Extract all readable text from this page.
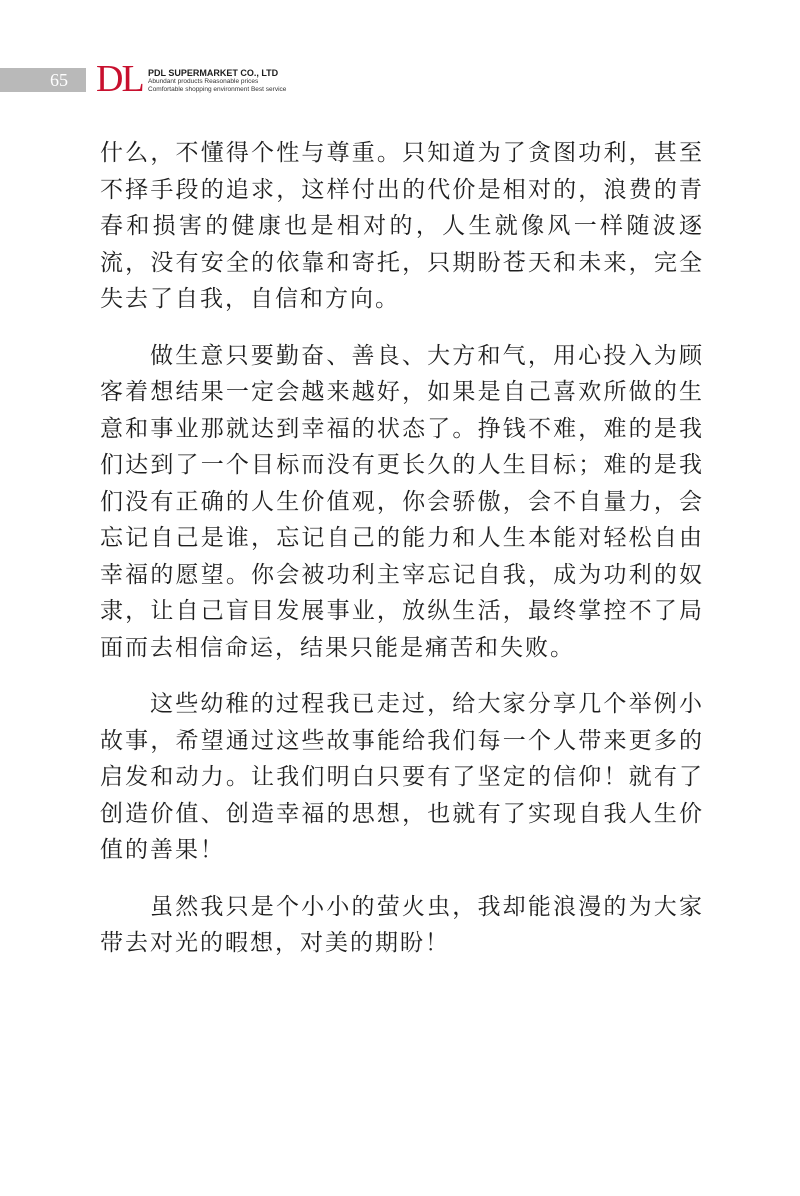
65 DL PDL SUPERMARKET CO., LTD
Abundant products Reasonable prices
Comfortable shopping environment Best service

什么，不懂得个性与尊重。只知道为了贪图功利，甚至不择手段的追求，这样付出的代价是相对的，浪费的青春和损害的健康也是相对的，人生就像风一样随波逐流，没有安全的依靠和寄托，只期盼苍天和未来，完全失去了自我，自信和方向。

做生意只要勤奋、善良、大方和气，用心投入为顾客着想结果一定会越来越好，如果是自己喜欢所做的生意和事业那就达到幸福的状态了。挣钱不难，难的是我们达到了一个目标而没有更长久的人生目标；难的是我们没有正确的人生价值观，你会骄傲，会不自量力，会忘记自己是谁，忘记自己的能力和人生本能对轻松自由幸福的愿望。你会被功利主宰忘记自我，成为功利的奴隶，让自己盲目发展事业，放纵生活，最终掌控不了局面而去相信命运，结果只能是痛苦和失败。

这些幼稚的过程我已走过，给大家分享几个举例小故事，希望通过这些故事能给我们每一个人带来更多的启发和动力。让我们明白只要有了坚定的信仰！就有了创造价值、创造幸福的思想，也就有了实现自我人生价值的善果！

虽然我只是个小小的萤火虫，我却能浪漫的为大家带去对光的暇想，对美的期盼！
